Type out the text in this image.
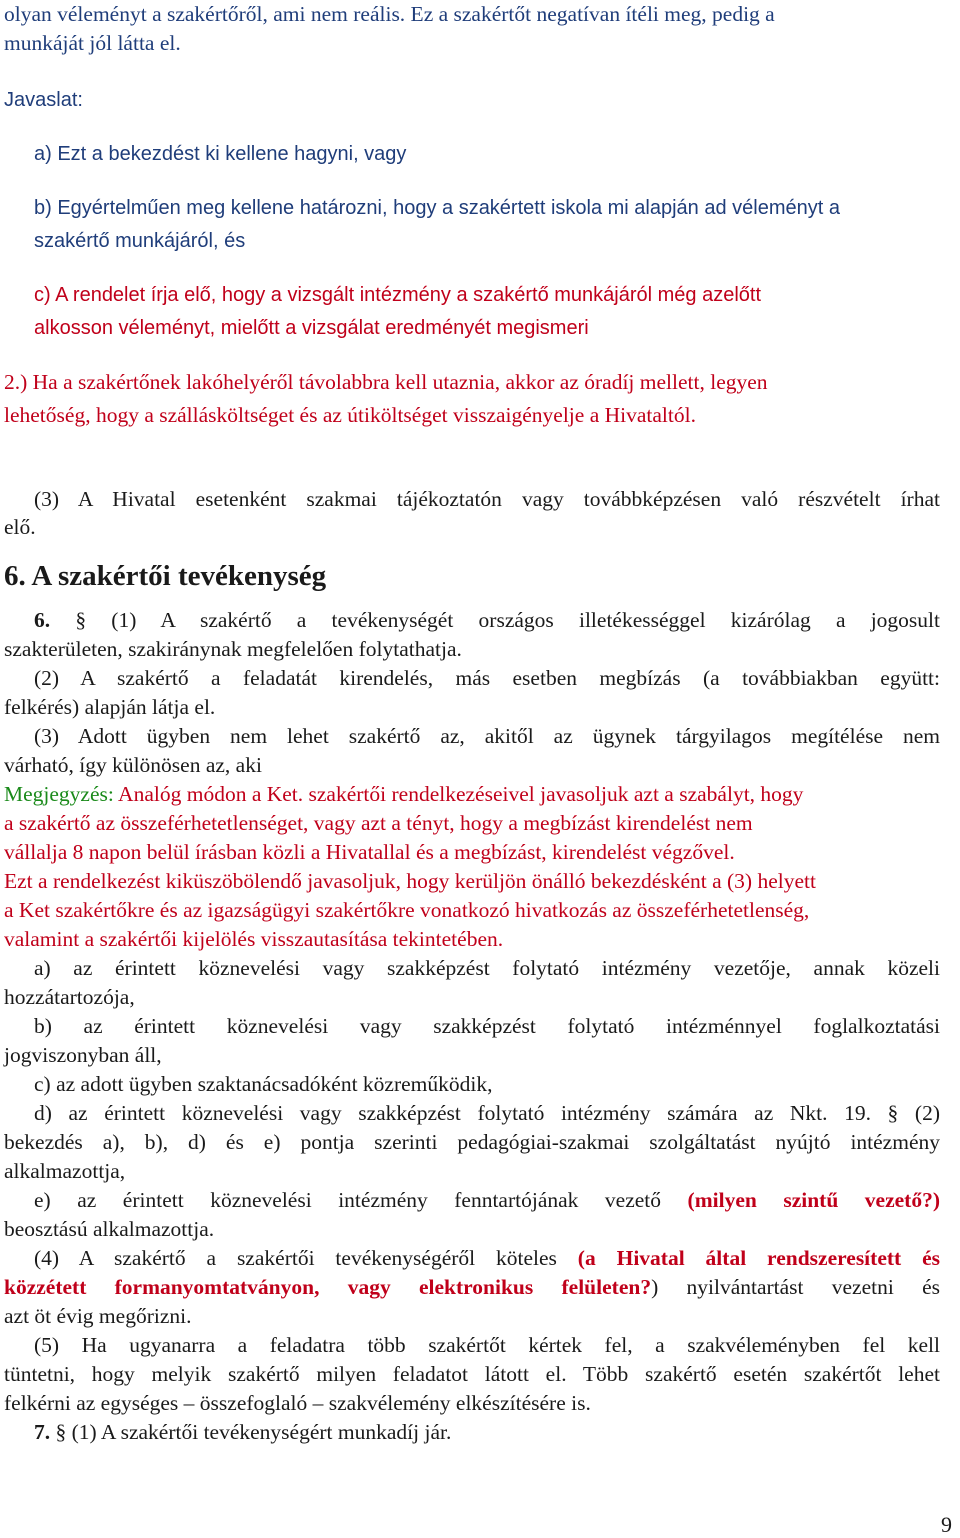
olyan véleményt a szakértőről, ami nem reális. Ez a szakértőt negatívan ítéli meg, pedig a

munkáját jól látta el.

Javaslat:

a) Ezt a bekezdést ki kellene hagyni, vagy

b) Egyértelműen meg kellene határozni, hogy a szakértett iskola mi alapján ad véleményt a

szakértő munkájáról, és

c) A rendelet írja elő, hogy a vizsgált intézmény a szakértő munkájáról még azelőtt

alkosson véleményt, mielőtt a vizsgálat eredményét megismeri

2.) Ha a szakértőnek lakóhelyéről távolabbra kell utaznia, akkor az óradíj mellett, legyen

lehetőség, hogy a szállásköltséget és az útiköltséget visszaigényelje a Hivataltól.

(3) A Hivatal esetenként szakmai tájékoztatón vagy továbbképzésen való részvételt írhat

elő.

6. A szakértői tevékenység

6. § (1) A szakértő a tevékenységét országos illetékességgel kizárólag a jogosult

szakterületen, szakiránynak megfelelően folytathatja.

(2) A szakértő a feladatát kirendelés, más esetben megbízás (a továbbiakban együtt:

felkérés) alapján látja el.

(3) Adott ügyben nem lehet szakértő az, akitől az ügynek tárgyilagos megítélése nem

várható, így különösen az, aki

Megjegyzés: Analóg módon a Ket. szakértői rendelkezéseivel javasoljuk azt a szabályt, hogy

a szakértő az összeférhetetlenséget, vagy azt a tényt, hogy a megbízást kirendelést nem

vállalja 8 napon belül írásban közli a Hivatallal és a megbízást, kirendelést végzővel.

Ezt a rendelkezést kiküszöbölendő javasoljuk, hogy kerüljön önálló bekezdésként a (3) helyett

a Ket szakértőkre és az igazságügyi szakértőkre vonatkozó hivatkozás az összeférhetetlenség,

valamint a szakértői kijelölés visszautasítása tekintetében.

a) az érintett köznevelési vagy szakképzést folytató intézmény vezetője, annak közeli

hozzátartozója,

b) az érintett köznevelési vagy szakképzést folytató intézménnyel foglalkoztatási

jogviszonyban áll,

c) az adott ügyben szaktanácsadóként közreműködik,

d) az érintett köznevelési vagy szakképzést folytató intézmény számára az Nkt. 19. § (2)

bekezdés a), b), d) és e) pontja szerinti pedagógiai-szakmai szolgáltatást nyújtó intézmény

alkalmazottja,

e) az érintett köznevelési intézmény fenntartójának vezető (milyen szintű vezető?)

beosztású alkalmazottja.

(4) A szakértő a szakértői tevékenységéről köteles (a Hivatal által rendszeresített és

közzétett formanyomtatványon, vagy elektronikus felületen?) nyilvántartást vezetni és

azt öt évig megőrizni.

(5) Ha ugyanarra a feladatra több szakértőt kértek fel, a szakvéleményben fel kell

tüntetni, hogy melyik szakértő milyen feladatot látott el. Több szakértő esetén szakértőt lehet

felkérni az egységes – összefoglaló – szakvélemény elkészítésére is.

7. § (1) A szakértői tevékenységért munkadíj jár.

9
